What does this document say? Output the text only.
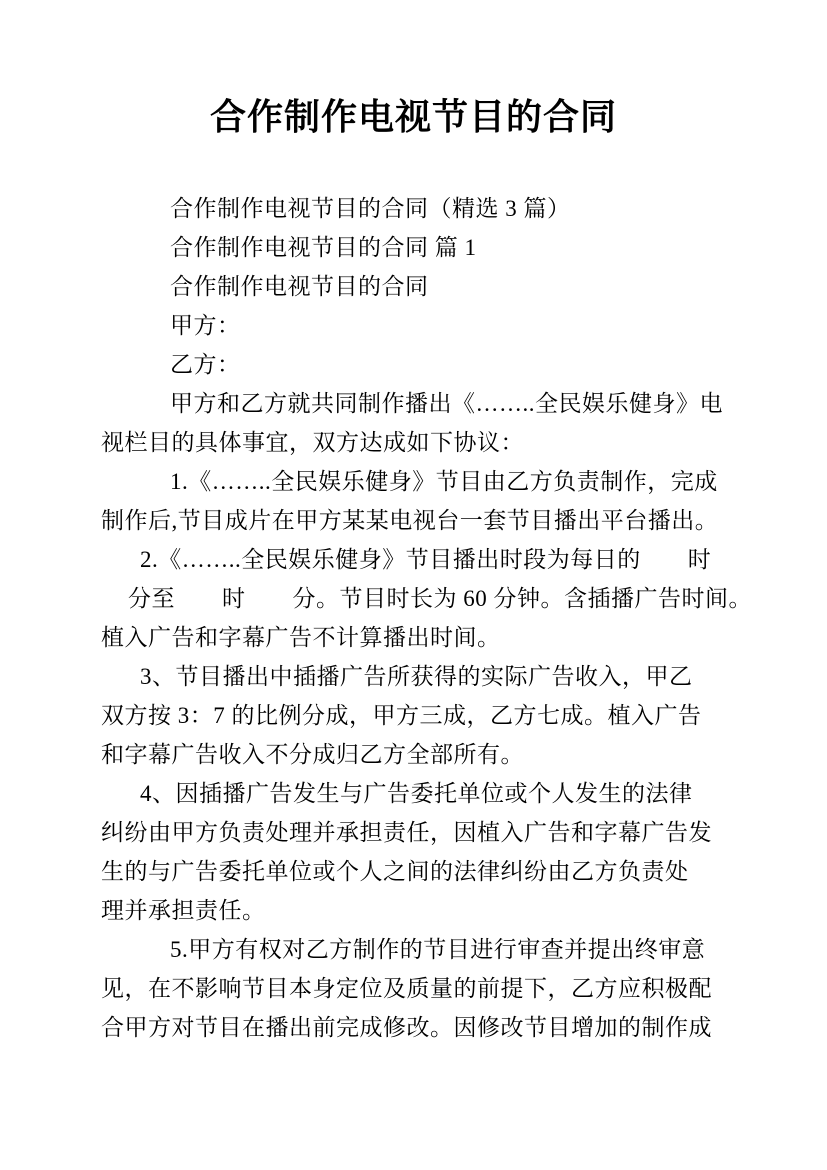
合作制作电视节目的合同
合作制作电视节目的合同（精选 3 篇）
合作制作电视节目的合同 篇 1
合作制作电视节目的合同
甲方：
乙方：
甲方和乙方就共同制作播出《……..全民娱乐健身》电
视栏目的具体事宜，双方达成如下协议：
1.《……..全民娱乐健身》节目由乙方负责制作，完成
制作后,节目成片在甲方某某电视台一套节目播出平台播出。
2.《……..全民娱乐健身》节目播出时段为每日的　　时
分至　　时　　分。节目时长为 60 分钟。含插播广告时间。
植入广告和字幕广告不计算播出时间。
3、节目播出中插播广告所获得的实际广告收入，甲乙
双方按 3：7 的比例分成，甲方三成，乙方七成。植入广告
和字幕广告收入不分成归乙方全部所有。
4、因插播广告发生与广告委托单位或个人发生的法律
纠纷由甲方负责处理并承担责任，因植入广告和字幕广告发
生的与广告委托单位或个人之间的法律纠纷由乙方负责处
理并承担责任。
5.甲方有权对乙方制作的节目进行审查并提出终审意
见，在不影响节目本身定位及质量的前提下，乙方应积极配
合甲方对节目在播出前完成修改。因修改节目增加的制作成
